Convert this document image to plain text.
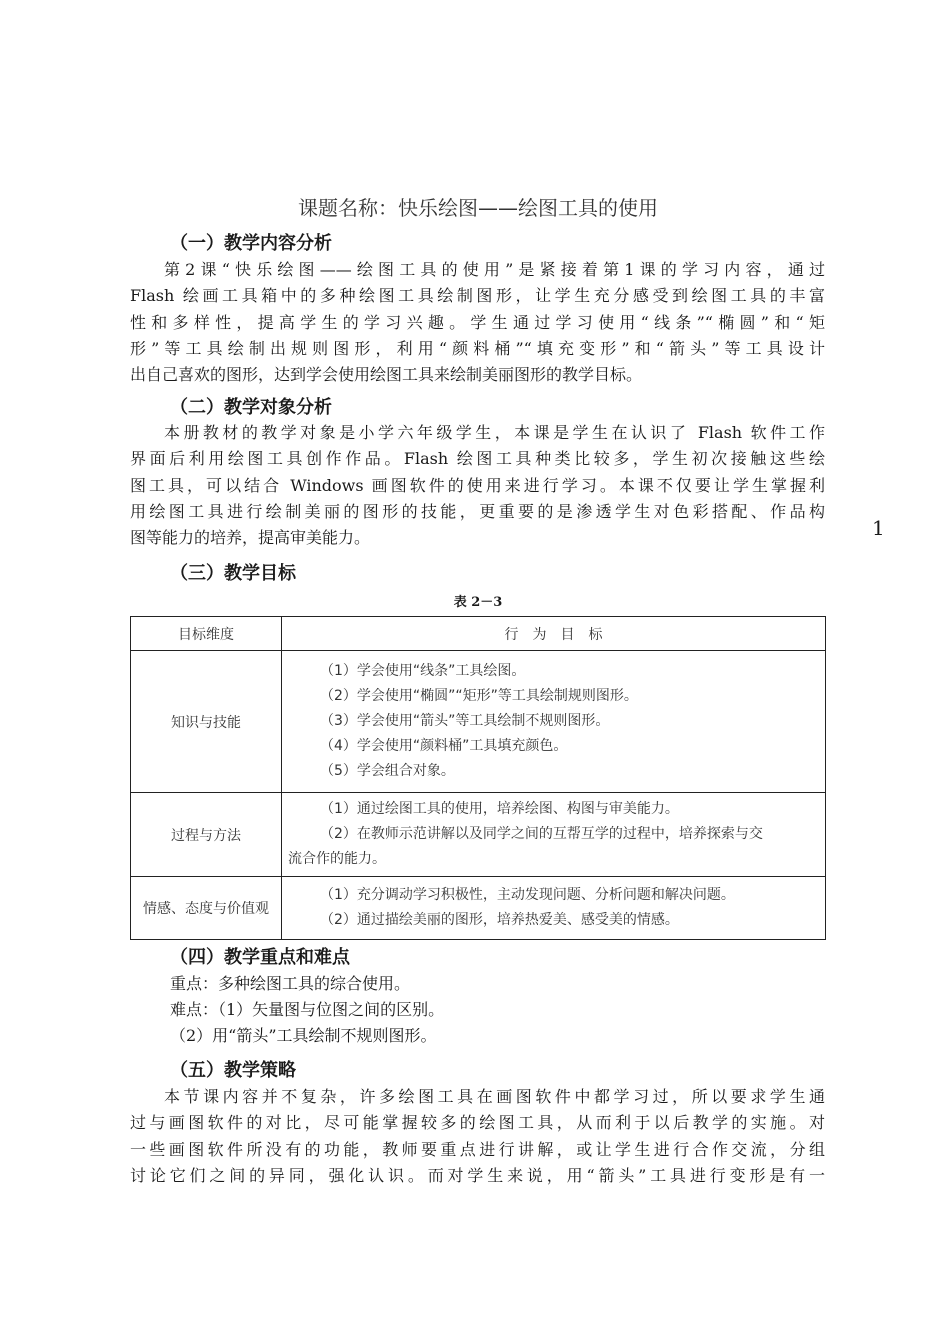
课题名称：快乐绘图——绘图工具的使用
（一）教学内容分析
第2课“快乐绘图——绘图工具的使用”是紧接着第1课的学习内容，通过
Flash 绘画工具箱中的多种绘图工具绘制图形，让学生充分感受到绘图工具的丰富
性和多样性，提高学生的学习兴趣。学生通过学习使用“线条”“椭圆”和“矩
形”等工具绘制出规则图形，利用“颜料桶”“填充变形”和“箭头”等工具设计
出自己喜欢的图形，达到学会使用绘图工具来绘制美丽图形的教学目标。
（二）教学对象分析
本册教材的教学对象是小学六年级学生，本课是学生在认识了 Flash 软件工作
界面后利用绘图工具创作作品。Flash 绘图工具种类比较多，学生初次接触这些绘
图工具，可以结合 Windows 画图软件的使用来进行学习。本课不仅要让学生掌握利
用绘图工具进行绘制美丽的图形的技能，更重要的是渗透学生对色彩搭配、作品构
图等能力的培养，提高审美能力。
（三）教学目标
表 2－3
目标维度	行　为　目　标
知识与技能	（1）学会使用“线条”工具绘图。
（2）学会使用“椭圆”“矩形”等工具绘制规则图形。
（3）学会使用“箭头”等工具绘制不规则图形。
（4）学会使用“颜料桶”工具填充颜色。
（5）学会组合对象。

过程与方法	（1）通过绘图工具的使用，培养绘图、构图与审美能力。
（2）在教师示范讲解以及同学之间的互帮互学的过程中，培养探索与交
流合作的能力。

情感、态度与价值观	（1）充分调动学习积极性，主动发现问题、分析问题和解决问题。
（2）通过描绘美丽的图形，培养热爱美、感受美的情感。
（四）教学重点和难点
重点：多种绘图工具的综合使用。
难点：（1）矢量图与位图之间的区别。
（2）用“箭头”工具绘制不规则图形。
（五）教学策略
本节课内容并不复杂，许多绘图工具在画图软件中都学习过，所以要求学生通
过与画图软件的对比，尽可能掌握较多的绘图工具，从而利于以后教学的实施。对
一些画图软件所没有的功能，教师要重点进行讲解，或让学生进行合作交流，分组
讨论它们之间的异同，强化认识。而对学生来说，用“箭头”工具进行变形是有一
1
